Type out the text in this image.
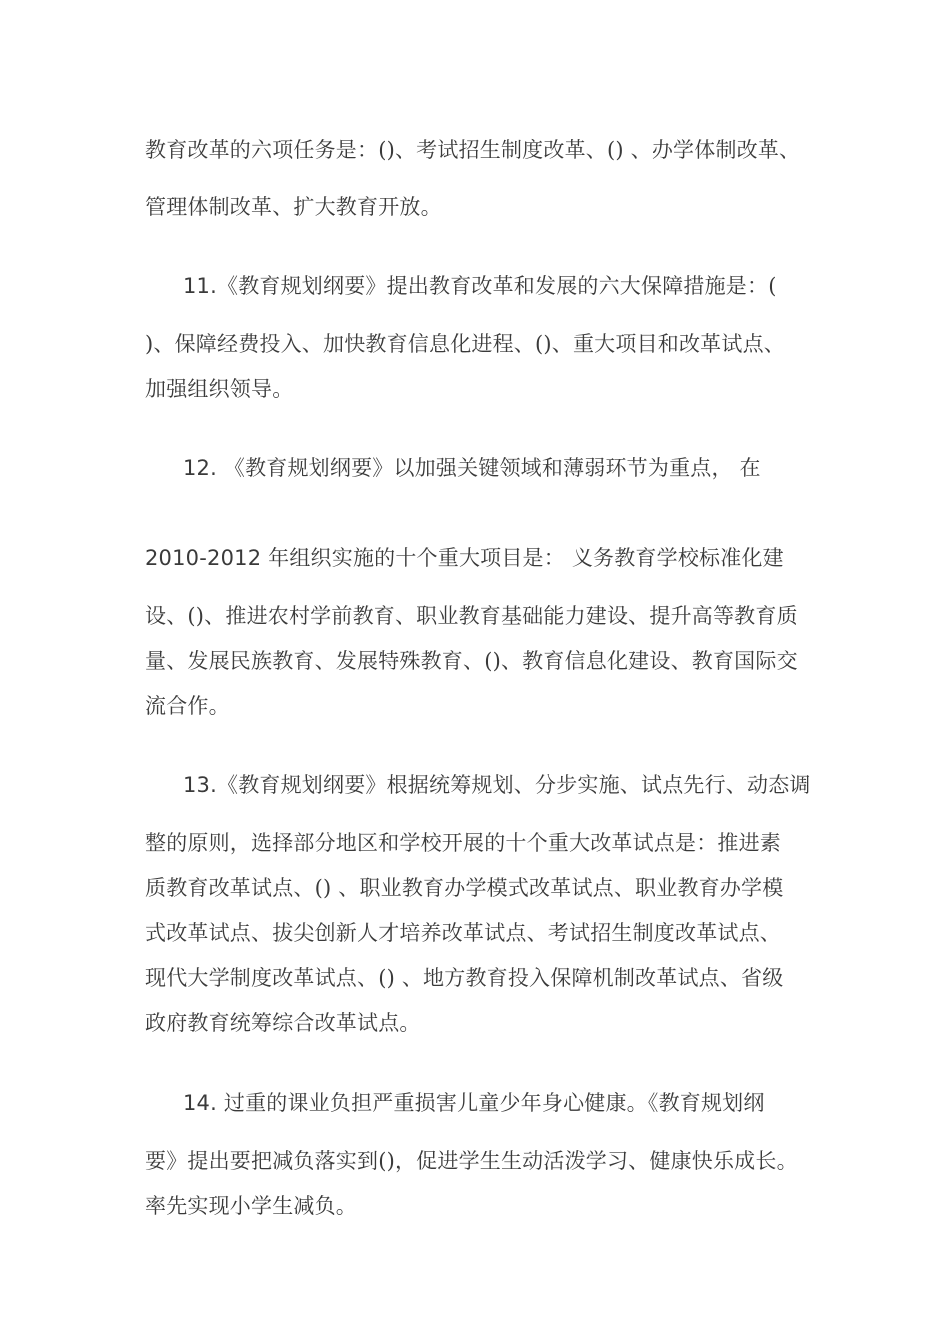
教育改革的六项任务是：()、考试招生制度改革、() 、办学体制改革、
管理体制改革、扩大教育开放。
11.《教育规划纲要》提出教育改革和发展的六大保障措施是：(
)、保障经费投入、加快教育信息化进程、()、重大项目和改革试点、
加强组织领导。
12. 《教育规划纲要》以加强关键领域和薄弱环节为重点， 在
2010-2012 年组织实施的十个重大项目是： 义务教育学校标准化建
设、()、推进农村学前教育、职业教育基础能力建设、提升高等教育质
量、发展民族教育、发展特殊教育、()、教育信息化建设、教育国际交
流合作。
13.《教育规划纲要》根据统筹规划、分步实施、试点先行、动态调
整的原则，选择部分地区和学校开展的十个重大改革试点是：推进素
质教育改革试点、() 、职业教育办学模式改革试点、职业教育办学模
式改革试点、拔尖创新人才培养改革试点、考试招生制度改革试点、
现代大学制度改革试点、() 、地方教育投入保障机制改革试点、省级
政府教育统筹综合改革试点。
14. 过重的课业负担严重损害儿童少年身心健康。《教育规划纲
要》提出要把减负落实到()，促进学生生动活泼学习、健康快乐成长。
率先实现小学生减负。
